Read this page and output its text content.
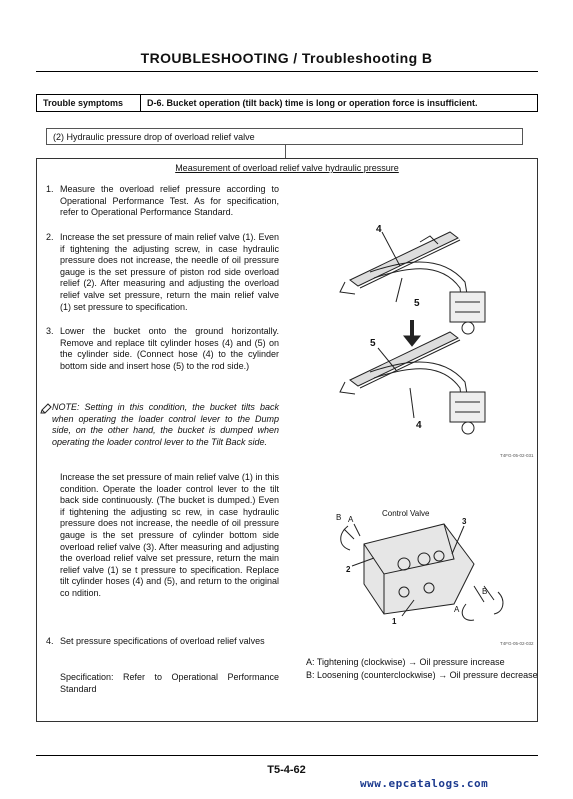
TROUBLESHOOTING / Troubleshooting B
Trouble symptoms	D-6. Bucket operation (tilt back) time is long or operation force is insufficient.
(2) Hydraulic pressure drop of overload relief valve
Measurement of overload relief valve hydraulic pressure
1. Measure the overload relief pressure according to Operational Performance Test. As for specification, refer to Operational Performance Standard.
2. Increase the set pressure of main relief valve (1). Even if tightening the adjusting screw, in case hydraulic pressure does not increase, the needle of oil pressure gauge is the set pressure of piston rod side overload relief (2). After measuring and adjusting the overload relief valve set pressure, return the main relief valve (1) set pressure to specification.
3. Lower the bucket onto the ground horizontally. Remove and replace tilt cylinder hoses (4) and (5) on the cylinder side. (Connect hose (4) to the cylinder bottom side and insert hose (5) to the rod side.)
NOTE: Setting in this condition, the bucket tilts back when operating the loader control lever to the Dump side, on the other hand, the bucket is dumped when operating the loader control lever to the Tilt Back side.
Increase the set pressure of main relief valve (1) in this condition. Operate the loader control lever to the tilt back side continuously. (The bucket is dumped.) Even if tightening the adjusting sc rew, in case hydraulic pressure does not increase, the needle of oil pressure gauge is the set pressure of cylinder bottom side overload relief valve (3). After measuring and adjusting the overload relief valve set pressure, return the main relief valve (1) se t pressure to specification. Replace tilt cylinder hoses (4) and (5), and return to the original co ndition.
4. Set pressure specifications of overload relief valves
Specification: Refer to Operational Performance Standard
4
5
5
4
T4FG-05-02-031
Control Valve
B A	3
2
1
A
B
T4FG-05-02-032
A: Tightening (clockwise) → Oil pressure increase
B: Loosening (counterclockwise) → Oil pressure decrease
T5-4-62
www.epcatalogs.com
